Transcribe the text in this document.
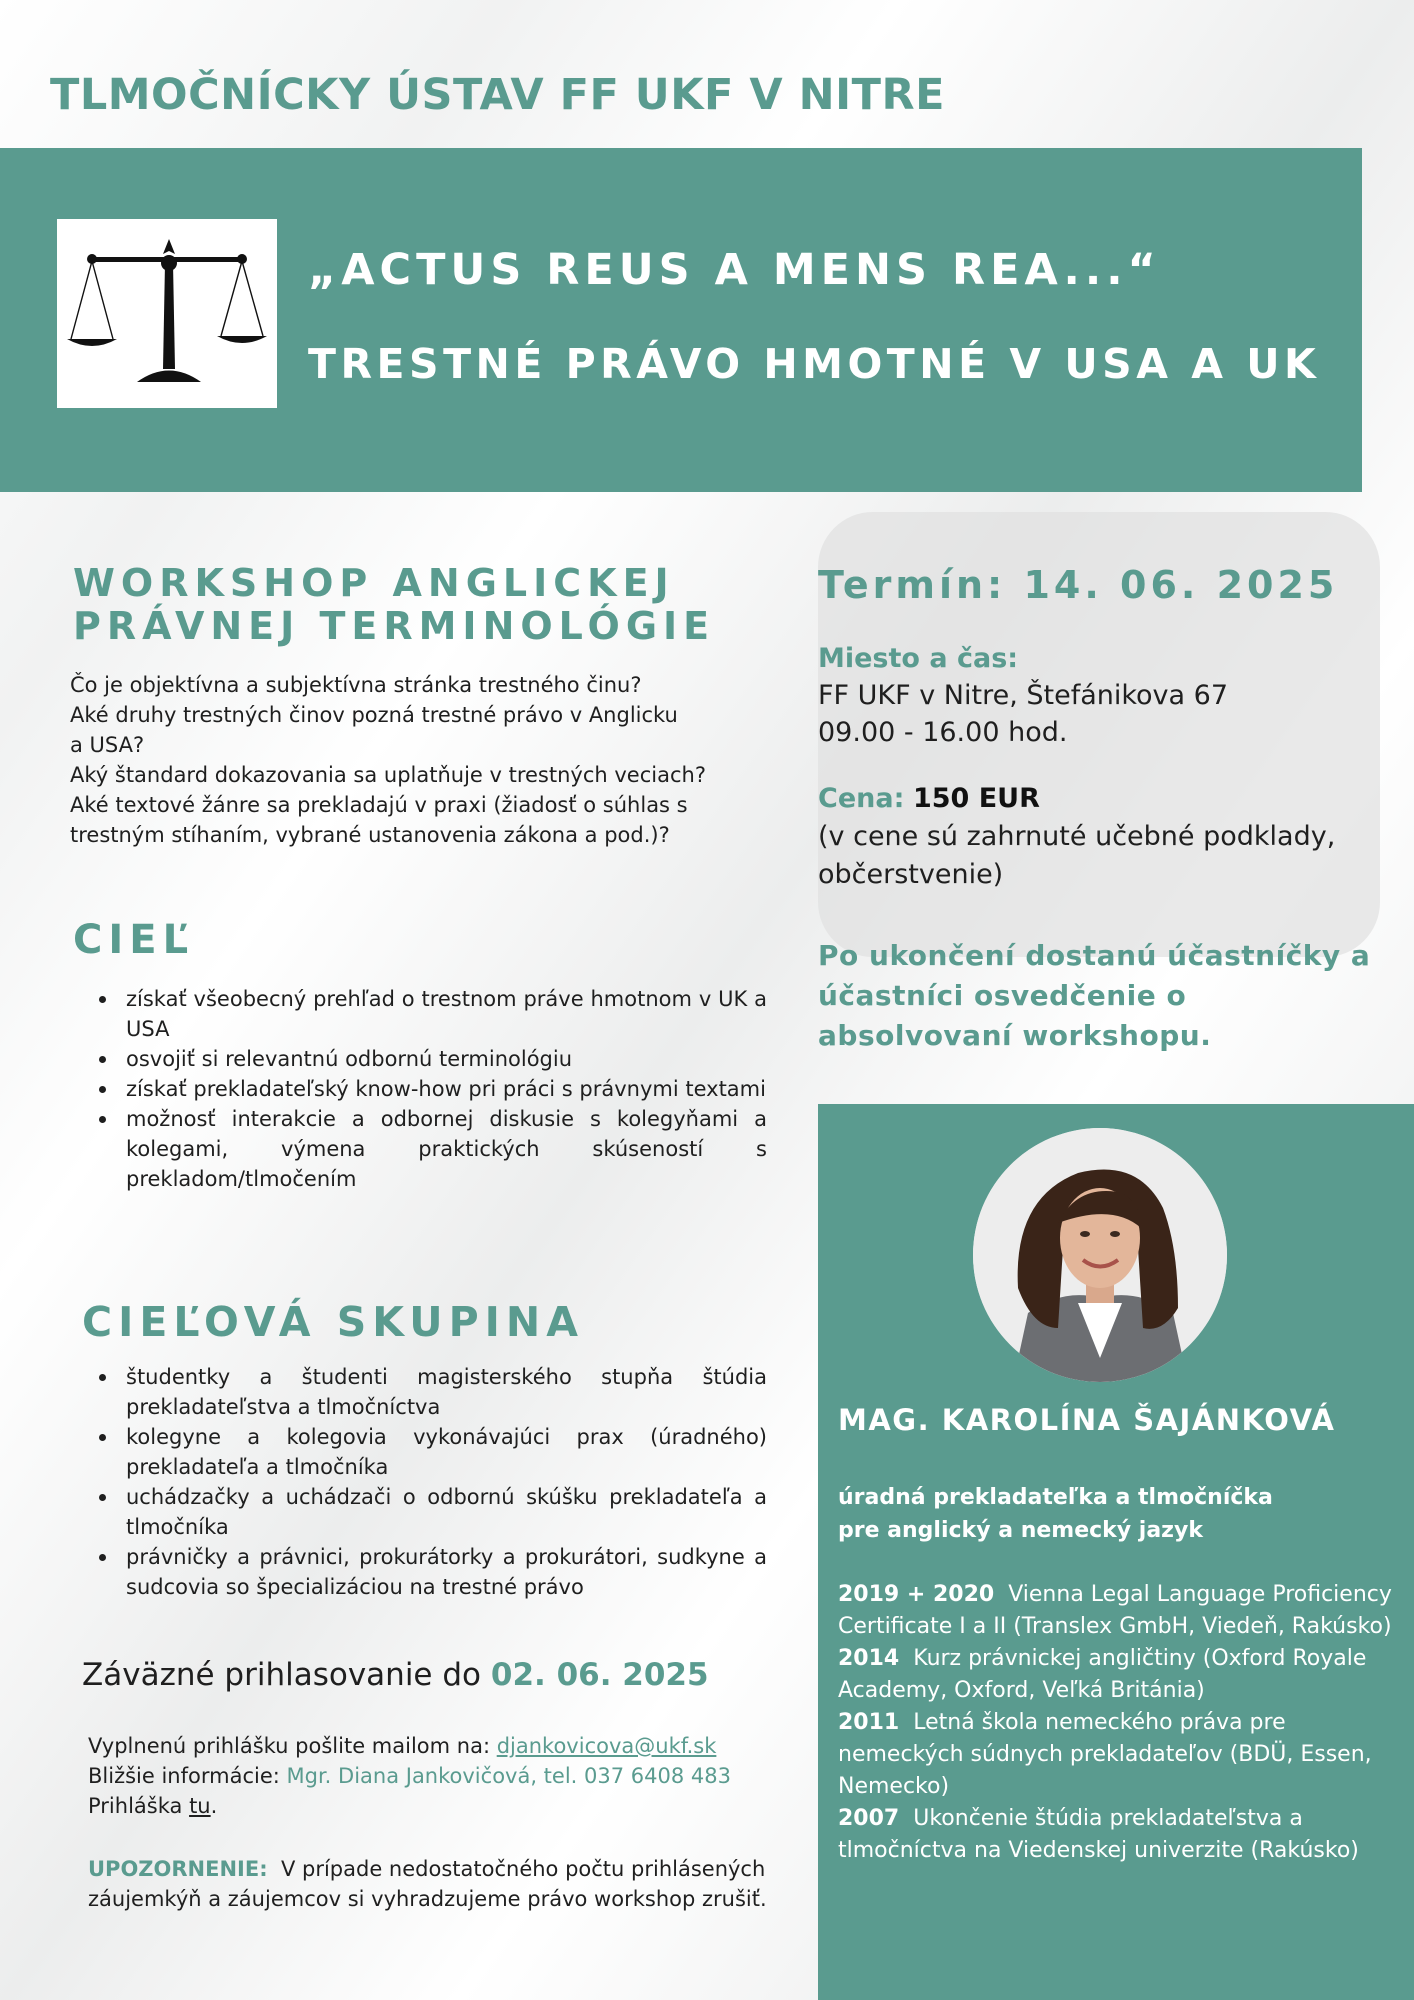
TLMOČNÍCKY ÚSTAV FF UKF V NITRE
„ACTUS REUS A MENS REA...“
TRESTNÉ PRÁVO HMOTNÉ V USA A UK
Termín: 14. 06. 2025
Miesto a čas:
FF UKF v Nitre, Štefánikova 67
09.00 - 16.00 hod.
Cena: 150 EUR
(v cene sú zahrnuté učebné podklady,
občerstvenie)
Po ukončení dostanú účastníčky a účastníci osvedčenie o absolvovaní workshopu.
WORKSHOP ANGLICKEJ
PRÁVNEJ TERMINOLÓGIE
Čo je objektívna a subjektívna stránka trestného činu?
Aké druhy trestných činov pozná trestné právo v Anglicku
a USA?
Aký štandard dokazovania sa uplatňuje v trestných veciach?
Aké textové žánre sa prekladajú v praxi (žiadosť o súhlas s
trestným stíhaním, vybrané ustanovenia zákona a pod.)?
CIEĽ
získať všeobecný prehľad o trestnom práve hmotnom v UK a USA
osvojiť si relevantnú odbornú terminológiu
získať prekladateľský know-how pri práci s právnymi textami
možnosť interakcie a odbornej diskusie s kolegyňami a kolegami, výmena praktických skúseností s prekladom/tlmočením
CIEĽOVÁ SKUPINA
študentky a študenti magisterského stupňa štúdia prekladateľstva a tlmočníctva
kolegyne a kolegovia vykonávajúci prax (úradného) prekladateľa a tlmočníka
uchádzačky a uchádzači o odbornú skúšku prekladateľa a tlmočníka
právničky a právnici, prokurátorky a prokurátori, sudkyne a sudcovia so špecializáciou na trestné právo
Záväzné prihlasovanie do 02. 06. 2025
Vyplnenú prihlášku pošlite mailom na: djankovicova@ukf.sk
Bližšie informácie: Mgr. Diana Jankovičová, tel. 037 6408 483
Prihláška tu.
UPOZORNENIE: V prípade nedostatočného počtu prihlásených záujemkýň a záujemcov si vyhradzujeme právo workshop zrušiť.
MAG. KAROLÍNA ŠAJÁNKOVÁ
úradná prekladateľka a tlmočníčka
pre anglický a nemecký jazyk
2019 + 2020 Vienna Legal Language Proficiency Certificate I a II (Translex GmbH, Viedeň, Rakúsko)
2014 Kurz právnickej angličtiny (Oxford Royale Academy, Oxford, Veľká Británia)
2011 Letná škola nemeckého práva pre nemeckých súdnych prekladateľov (BDÜ, Essen, Nemecko)
2007 Ukončenie štúdia prekladateľstva a tlmočníctva na Viedenskej univerzite (Rakúsko)
